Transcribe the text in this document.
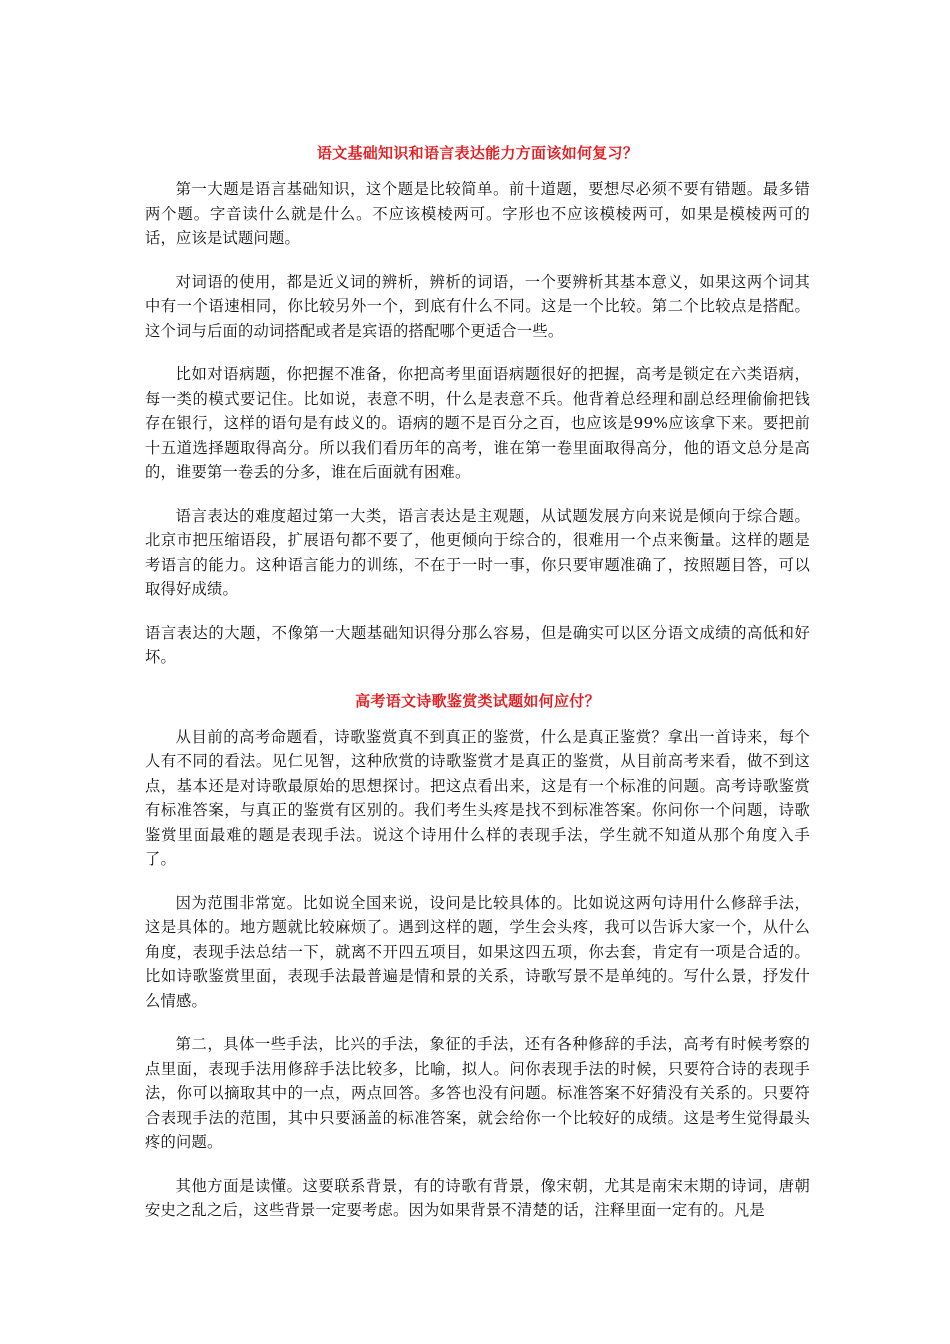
语文基础知识和语言表达能力方面该如何复习？

第一大题是语言基础知识，这个题是比较简单。前十道题，要想尽必须不要有错题。最多错两个题。字音读什么就是什么。不应该模棱两可。字形也不应该模棱两可，如果是模棱两可的话，应该是试题问题。

对词语的使用，都是近义词的辨析，辨析的词语，一个要辨析其基本意义，如果这两个词其中有一个语速相同，你比较另外一个，到底有什么不同。这是一个比较。第二个比较点是搭配。这个词与后面的动词搭配或者是宾语的搭配哪个更适合一些。

比如对语病题，你把握不准备，你把高考里面语病题很好的把握，高考是锁定在六类语病，每一类的模式要记住。比如说，表意不明，什么是表意不兵。他背着总经理和副总经理偷偷把钱存在银行，这样的语句是有歧义的。语病的题不是百分之百，也应该是99%应该拿下来。要把前十五道选择题取得高分。所以我们看历年的高考，谁在第一卷里面取得高分，他的语文总分是高的，谁要第一卷丢的分多，谁在后面就有困难。

语言表达的难度超过第一大类，语言表达是主观题，从试题发展方向来说是倾向于综合题。北京市把压缩语段，扩展语句都不要了，他更倾向于综合的，很难用一个点来衡量。这样的题是考语言的能力。这种语言能力的训练，不在于一时一事，你只要审题准确了，按照题目答，可以取得好成绩。

语言表达的大题，不像第一大题基础知识得分那么容易，但是确实可以区分语文成绩的高低和好坏。

高考语文诗歌鉴赏类试题如何应付？

从目前的高考命题看，诗歌鉴赏真不到真正的鉴赏，什么是真正鉴赏？拿出一首诗来，每个人有不同的看法。见仁见智，这种欣赏的诗歌鉴赏才是真正的鉴赏，从目前高考来看，做不到这点，基本还是对诗歌最原始的思想探讨。把这点看出来，这是有一个标准的问题。高考诗歌鉴赏有标准答案，与真正的鉴赏有区别的。我们考生头疼是找不到标准答案。你问你一个问题，诗歌鉴赏里面最难的题是表现手法。说这个诗用什么样的表现手法，学生就不知道从那个角度入手了。

因为范围非常宽。比如说全国来说，设问是比较具体的。比如说这两句诗用什么修辞手法，这是具体的。地方题就比较麻烦了。遇到这样的题，学生会头疼，我可以告诉大家一个，从什么角度，表现手法总结一下，就离不开四五项目，如果这四五项，你去套，肯定有一项是合适的。比如诗歌鉴赏里面，表现手法最普遍是情和景的关系，诗歌写景不是单纯的。写什么景，抒发什么情感。

第二，具体一些手法，比兴的手法，象征的手法，还有各种修辞的手法，高考有时候考察的点里面，表现手法用修辞手法比较多，比喻，拟人。问你表现手法的时候，只要符合诗的表现手法，你可以摘取其中的一点，两点回答。多答也没有问题。标准答案不好猜没有关系的。只要符合表现手法的范围，其中只要涵盖的标准答案，就会给你一个比较好的成绩。这是考生觉得最头疼的问题。

其他方面是读懂。这要联系背景，有的诗歌有背景，像宋朝，尤其是南宋末期的诗词，唐朝安史之乱之后，这些背景一定要考虑。因为如果背景不清楚的话，注释里面一定有的。凡是
